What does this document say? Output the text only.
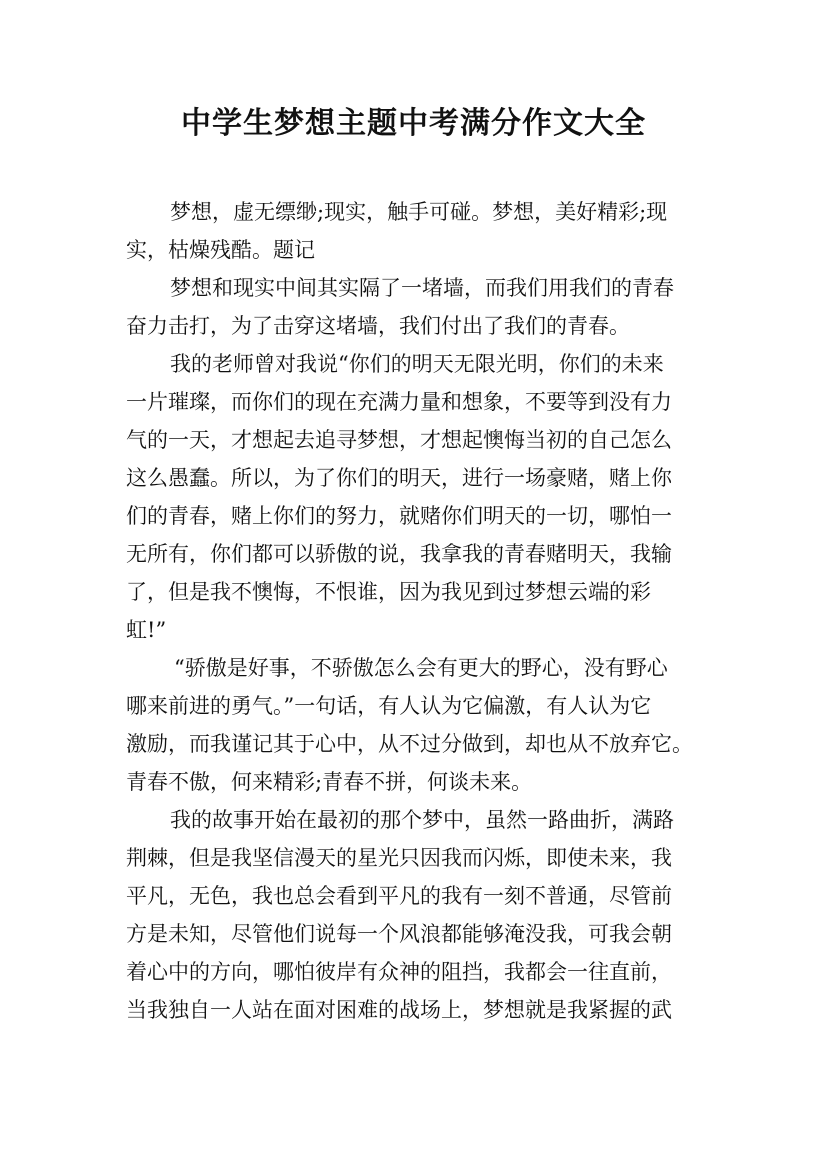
中学生梦想主题中考满分作文大全
梦想，虚无缥缈;现实，触手可碰。梦想，美好精彩;现
实，枯燥残酷。题记
梦想和现实中间其实隔了一堵墙，而我们用我们的青春
奋力击打，为了击穿这堵墙，我们付出了我们的青春。
我的老师曾对我说“你们的明天无限光明，你们的未来
一片璀璨，而你们的现在充满力量和想象，不要等到没有力
气的一天，才想起去追寻梦想，才想起懊悔当初的自己怎么
这么愚蠢。所以，为了你们的明天，进行一场豪赌，赌上你
们的青春，赌上你们的努力，就赌你们明天的一切，哪怕一
无所有，你们都可以骄傲的说，我拿我的青春赌明天，我输
了，但是我不懊悔，不恨谁，因为我见到过梦想云端的彩
虹!”
“骄傲是好事，不骄傲怎么会有更大的野心，没有野心
哪来前进的勇气。”一句话，有人认为它偏激，有人认为它
激励，而我谨记其于心中，从不过分做到，却也从不放弃它。
青春不傲，何来精彩;青春不拼，何谈未来。
我的故事开始在最初的那个梦中，虽然一路曲折，满路
荆棘，但是我坚信漫天的星光只因我而闪烁，即使未来，我
平凡，无色，我也总会看到平凡的我有一刻不普通，尽管前
方是未知，尽管他们说每一个风浪都能够淹没我，可我会朝
着心中的方向，哪怕彼岸有众神的阻挡，我都会一往直前，
当我独自一人站在面对困难的战场上，梦想就是我紧握的武
